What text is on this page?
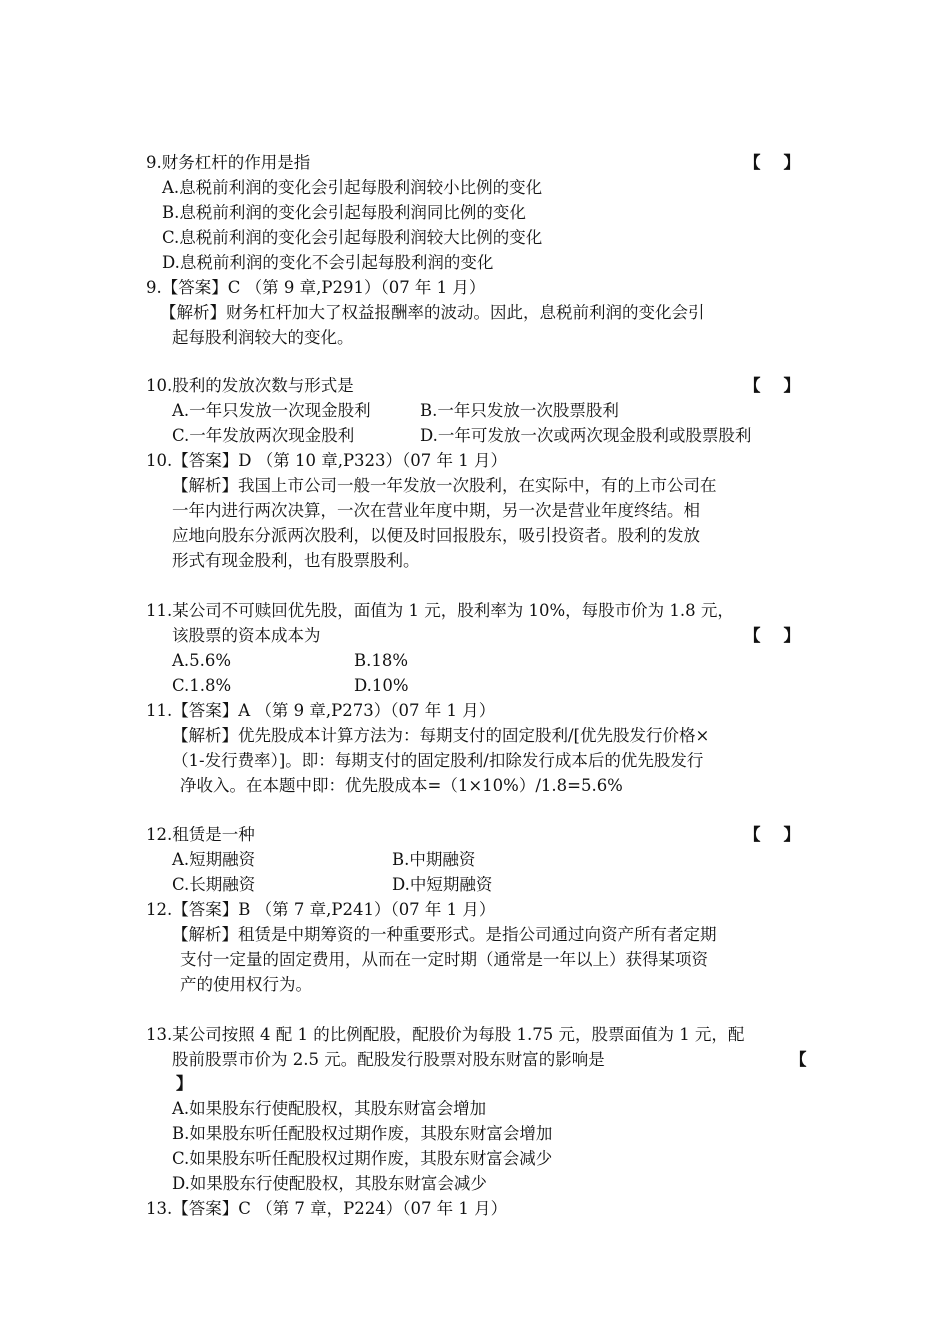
9.财务杠杆的作用是指	【    】
A.息税前利润的变化会引起每股利润较小比例的变化
B.息税前利润的变化会引起每股利润同比例的变化
C.息税前利润的变化会引起每股利润较大比例的变化
D.息税前利润的变化不会引起每股利润的变化
9.【答案】C （第 9 章,P291）（07 年 1 月）
【解析】财务杠杆加大了权益报酬率的波动。因此，息税前利润的变化会引
起每股利润较大的变化。
10.股利的发放次数与形式是	【    】
A.一年只发放一次现金股利	B.一年只发放一次股票股利
C.一年发放两次现金股利	D.一年可发放一次或两次现金股利或股票股利
10.【答案】D （第 10 章,P323）（07 年 1 月）
【解析】我国上市公司一般一年发放一次股利，在实际中，有的上市公司在
一年内进行两次决算，一次在营业年度中期，另一次是营业年度终结。相
应地向股东分派两次股利，以便及时回报股东，吸引投资者。股利的发放
形式有现金股利，也有股票股利。
11.某公司不可赎回优先股，面值为 1 元，股利率为 10%，每股市价为 1.8 元，
该股票的资本成本为	【    】
A.5.6%	B.18%
C.1.8%	D.10%
11.【答案】A （第 9 章,P273）（07 年 1 月）
【解析】优先股成本计算方法为：每期支付的固定股利/[优先股发行价格×
（1-发行费率）]。即：每期支付的固定股利/扣除发行成本后的优先股发行
净收入。在本题中即：优先股成本=（1×10%）/1.8=5.6%
12.租赁是一种	【    】
A.短期融资	B.中期融资
C.长期融资	D.中短期融资
12.【答案】B （第 7 章,P241）（07 年 1 月）
【解析】租赁是中期筹资的一种重要形式。是指公司通过向资产所有者定期
支付一定量的固定费用，从而在一定时期（通常是一年以上）获得某项资
产的使用权行为。
13.某公司按照 4 配 1 的比例配股，配股价为每股 1.75 元，股票面值为 1 元，配
股前股票市价为 2.5 元。配股发行股票对股东财富的影响是	【
】
A.如果股东行使配股权，其股东财富会增加
B.如果股东听任配股权过期作废，其股东财富会增加
C.如果股东听任配股权过期作废，其股东财富会减少
D.如果股东行使配股权，其股东财富会减少
13.【答案】C （第 7 章，P224）（07 年 1 月）
